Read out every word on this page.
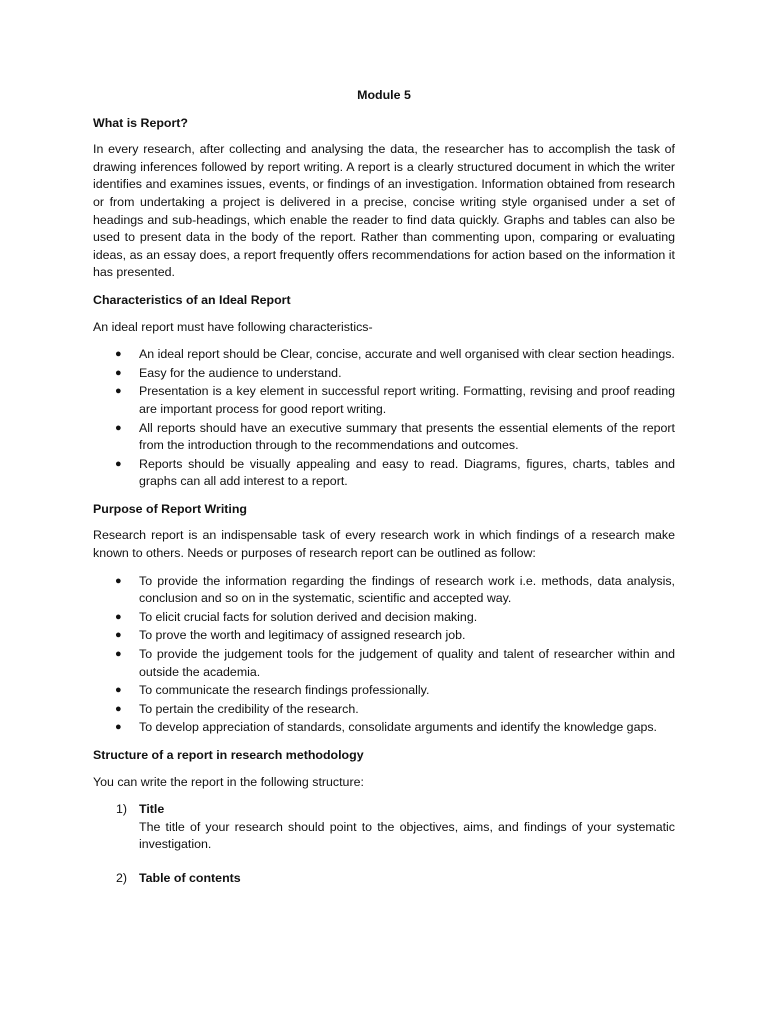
Module 5
What is Report?

In every research, after collecting and analysing the data, the researcher has to accomplish the task of drawing inferences followed by report writing. A report is a clearly structured document in which the writer identifies and examines issues, events, or findings of an investigation. Information obtained from research or from undertaking a project is delivered in a precise, concise writing style organised under a set of headings and sub-headings, which enable the reader to find data quickly. Graphs and tables can also be used to present data in the body of the report. Rather than commenting upon, comparing or evaluating ideas, as an essay does, a report frequently offers recommendations for action based on the information it has presented.

Characteristics of an Ideal Report

An ideal report must have following characteristics-

● An ideal report should be Clear, concise, accurate and well organised with clear section headings.
● Easy for the audience to understand.
● Presentation is a key element in successful report writing. Formatting, revising and proof reading are important process for good report writing.
● All reports should have an executive summary that presents the essential elements of the report from the introduction through to the recommendations and outcomes.
● Reports should be visually appealing and easy to read. Diagrams, figures, charts, tables and graphs can all add interest to a report.
Purpose of Report Writing

Research report is an indispensable task of every research work in which findings of a research make known to others. Needs or purposes of research report can be outlined as follow:

● To provide the information regarding the findings of research work i.e. methods, data analysis, conclusion and so on in the systematic, scientific and accepted way.
● To elicit crucial facts for solution derived and decision making.
● To prove the worth and legitimacy of assigned research job.
● To provide the judgement tools for the judgement of quality and talent of researcher within and outside the academia.
● To communicate the research findings professionally.
● To pertain the credibility of the research.
● To develop appreciation of standards, consolidate arguments and identify the knowledge gaps.
Structure of a report in research methodology

You can write the report in the following structure:

1) Title
The title of your research should point to the objectives, aims, and findings of your systematic investigation.
2) Table of contents
